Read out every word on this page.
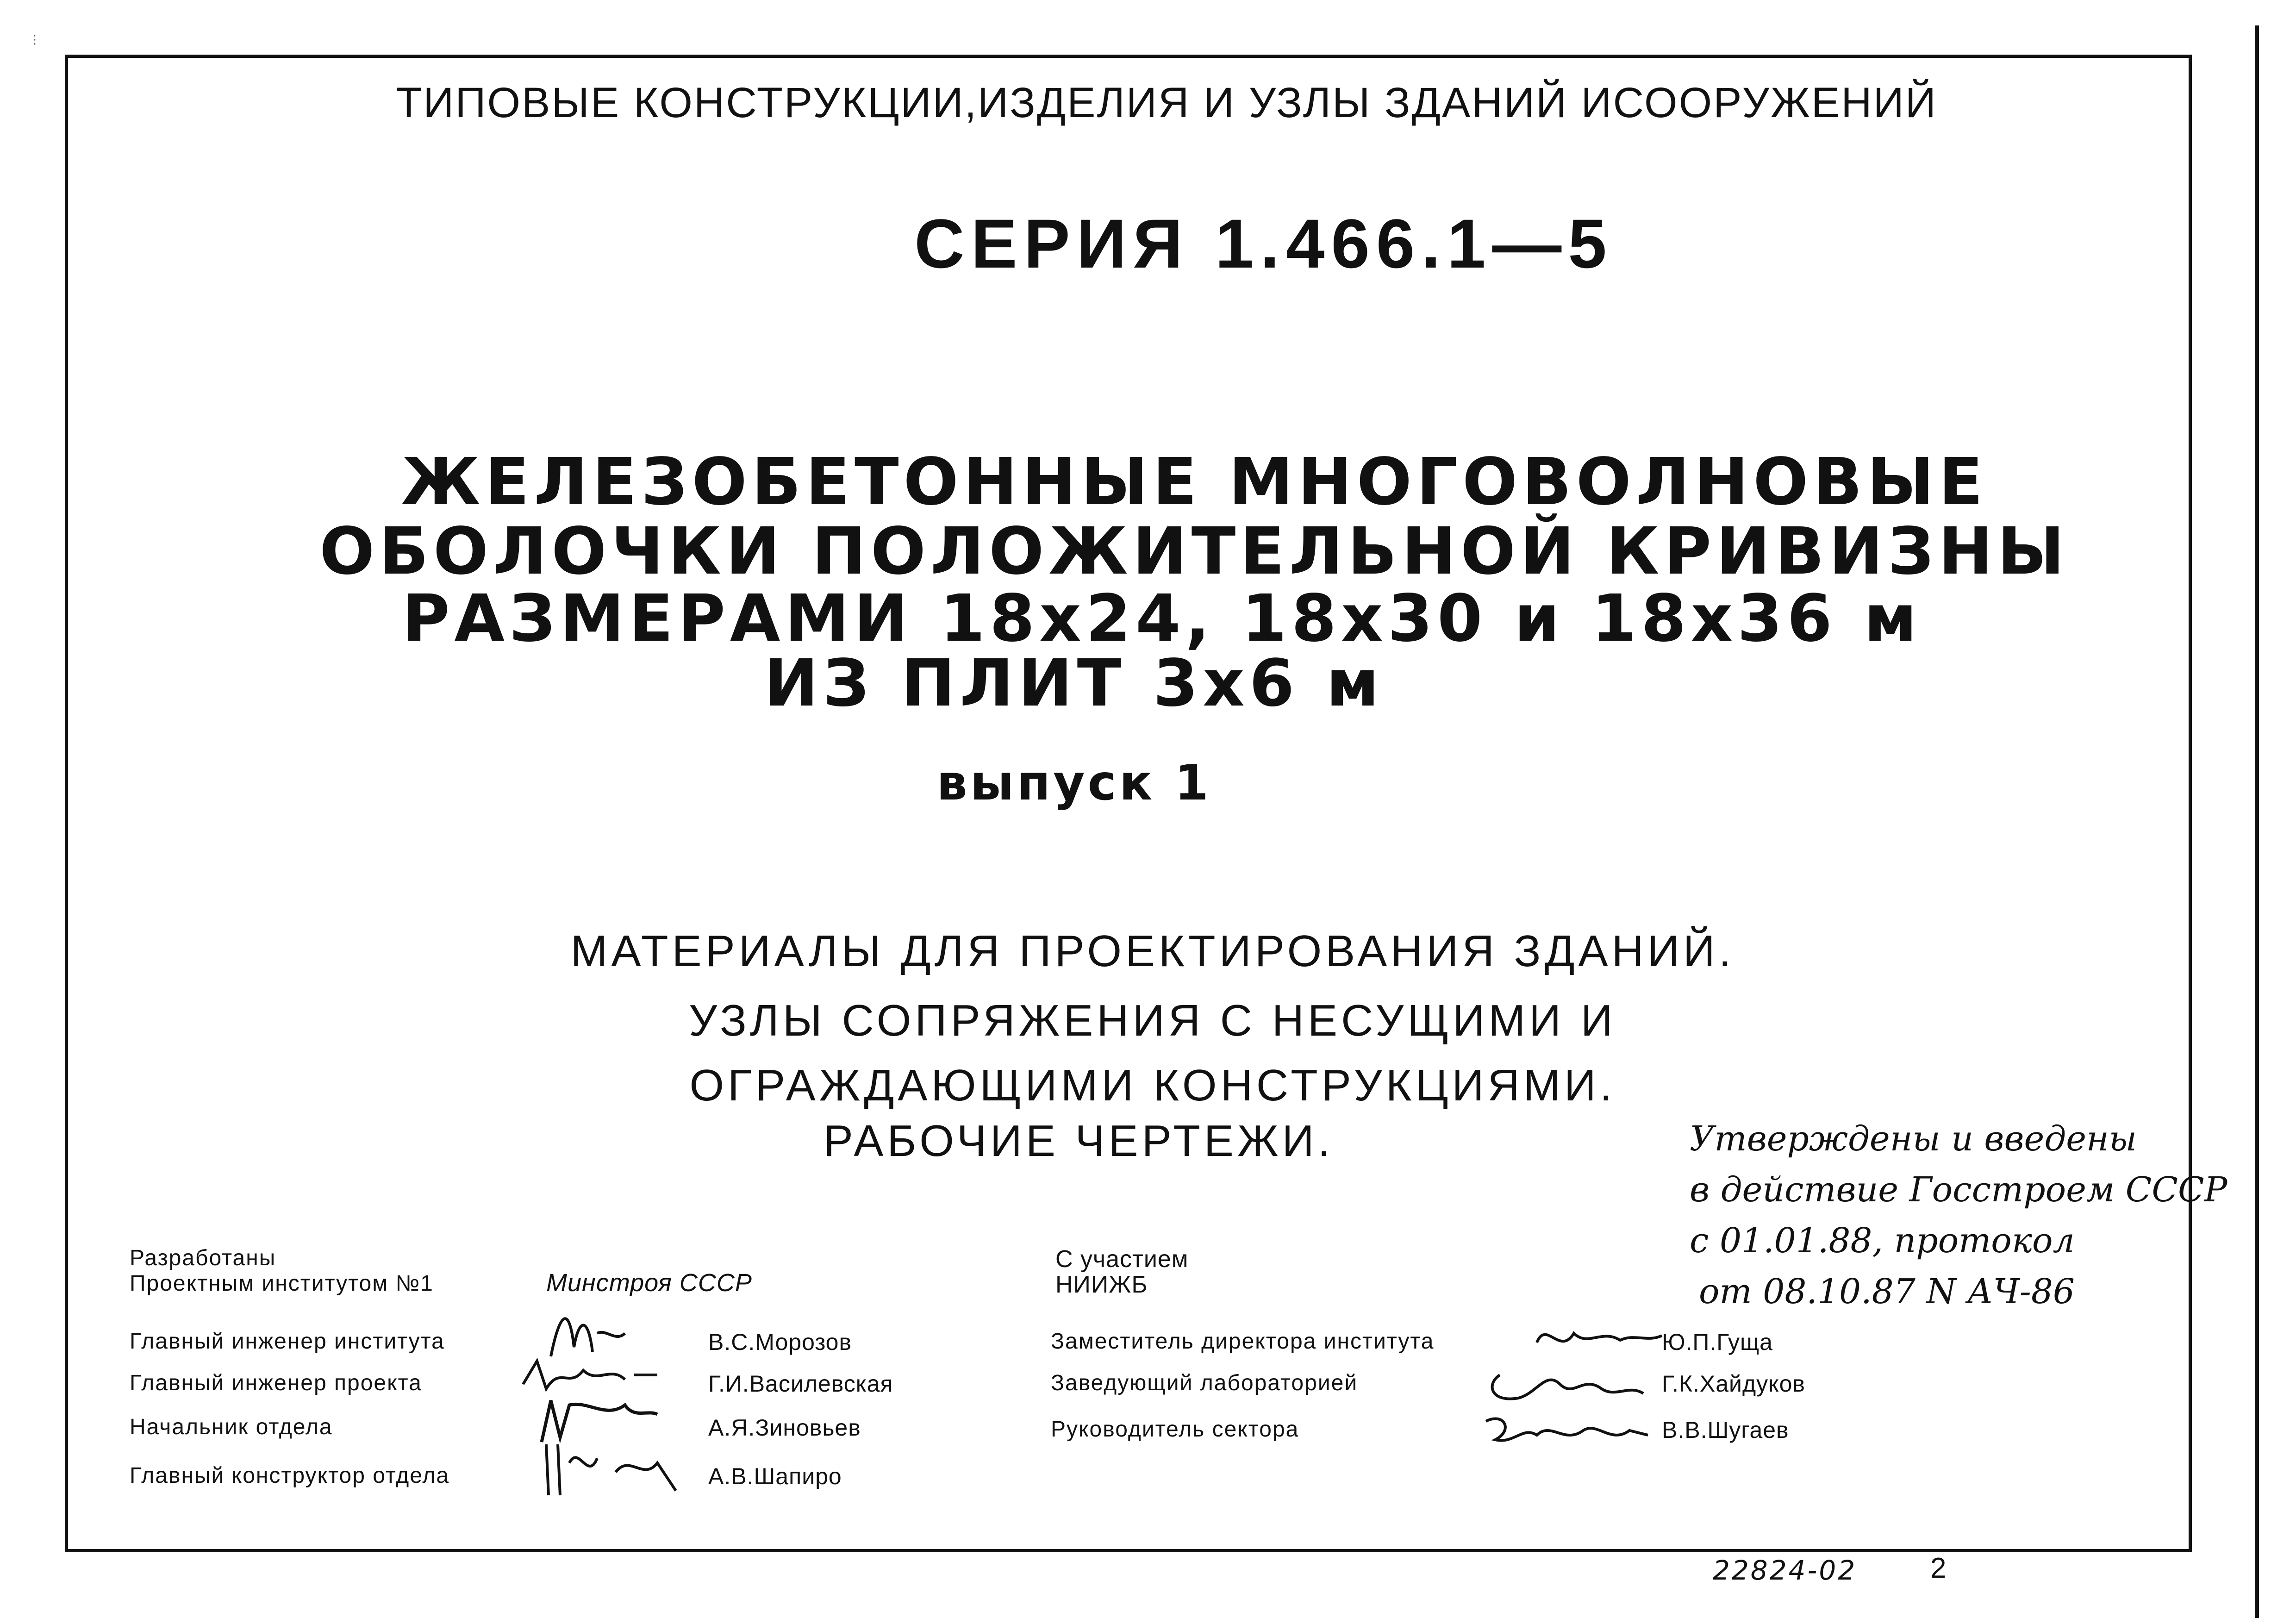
⋮
ТИПОВЫЕ КОНСТРУКЦИИ,ИЗДЕЛИЯ И УЗЛЫ ЗДАНИЙ ИСООРУЖЕНИЙ
СЕРИЯ 1.466.1—5
ЖЕЛЕЗОБЕТОННЫЕ МНОГОВОЛНОВЫЕ
ОБОЛОЧКИ ПОЛОЖИТЕЛЬНОЙ КРИВИЗНЫ
РАЗМЕРАМИ 18х24, 18х30 и 18х36 м
ИЗ ПЛИТ 3х6 м
выпуск 1
МАТЕРИАЛЫ ДЛЯ ПРОЕКТИРОВАНИЯ ЗДАНИЙ.
УЗЛЫ СОПРЯЖЕНИЯ С НЕСУЩИМИ И
ОГРАЖДАЮЩИМИ КОНСТРУКЦИЯМИ.
РАБОЧИЕ ЧЕРТЕЖИ.	Утверждены и введены
в действие Госстроем СССР
с 01.01.88, протокол
от 08.10.87 N АЧ-86
Разработаны
Проектным институтом №1	Минстроя СССР
Главный инженер института	В.С.Морозов
Главный инженер проекта	Г.И.Василевская
Начальник отдела	А.Я.Зиновьев
Главный конструктор отдела	А.В.Шапиро
С участием
НИИЖБ
Заместитель директора института	Ю.П.Гуща
Заведующий лабораторией	Г.К.Хайдуков
Руководитель сектора	В.В.Шугаев
22824-02	2
